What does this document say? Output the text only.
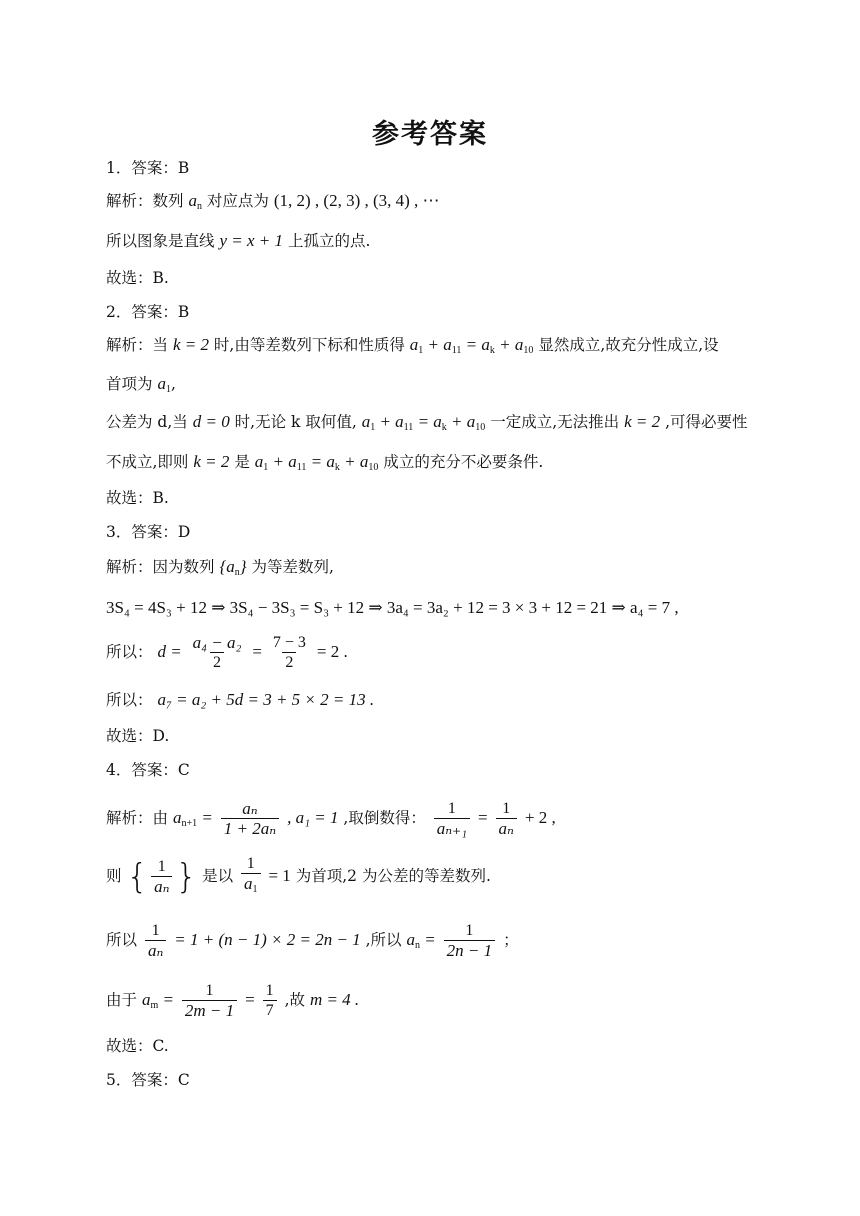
参考答案
1．答案：B
解析：数列 $a_n$ 对应点为 (1, 2) , (2, 3) , (3, 4) , ⋯
所以图象是直线 y = x + 1 上孤立的点.
故选：B.
2．答案：B
解析：当 k = 2 时,由等差数列下标和性质得 $a_1 + a_{11} = a_k + a_{10}$ 显然成立,故充分性成立,设
首项为 $a_1$,
公差为 d,当 d = 0 时,无论 k 取何值, $a_1 + a_{11} = a_k + a_{10}$ 一定成立,无法推出 k = 2 ,可得必要性
不成立,即则 k = 2 是 $a_1 + a_{11} = a_k + a_{10}$ 成立的充分不必要条件.
故选：B.
3．答案：D
解析：因为数列 $\{a_n\}$ 为等差数列,
3S₄ = 4S₃ + 12 ⇒ 3S₄ − 3S₃ = S₃ + 12 ⇒ 3a₄ = 3a₂ + 12 = 3 × 3 + 12 = 21 ⇒ a₄ = 7 ,
所以： $d = \frac{\text{a₄ − a₂}}{2} = \frac{7 - 3}{2} = 2$ .
所以： a₇ = a₂ + 5d = 3 + 5 × 2 = 13 .
故选：D.
4．答案：C
解析：由 $a_{n+1} = \frac{\text{aₙ}}{\text{1 + 2aₙ}}$ , a₁ = 1 ,取倒数得： $\frac{1}{\text{aₙ₊₁}} = \frac{1}{\text{aₙ}} + 2$ ,
则 { $\frac{1}{\text{aₙ}}$ } 是以 $\frac{1}{a_1} = 1$ 为首项,2 为公差的等差数列.
所以 $\frac{1}{\text{aₙ}} = 1 + (n - 1) \times 2 = 2n - 1$ ,所以 $a_n = \frac{1}{2n - 1}$ ；
由于 $a_m = \frac{1}{2m - 1} = \frac{1}{7}$ ,故 m = 4 .
故选：C.
5．答案：C
